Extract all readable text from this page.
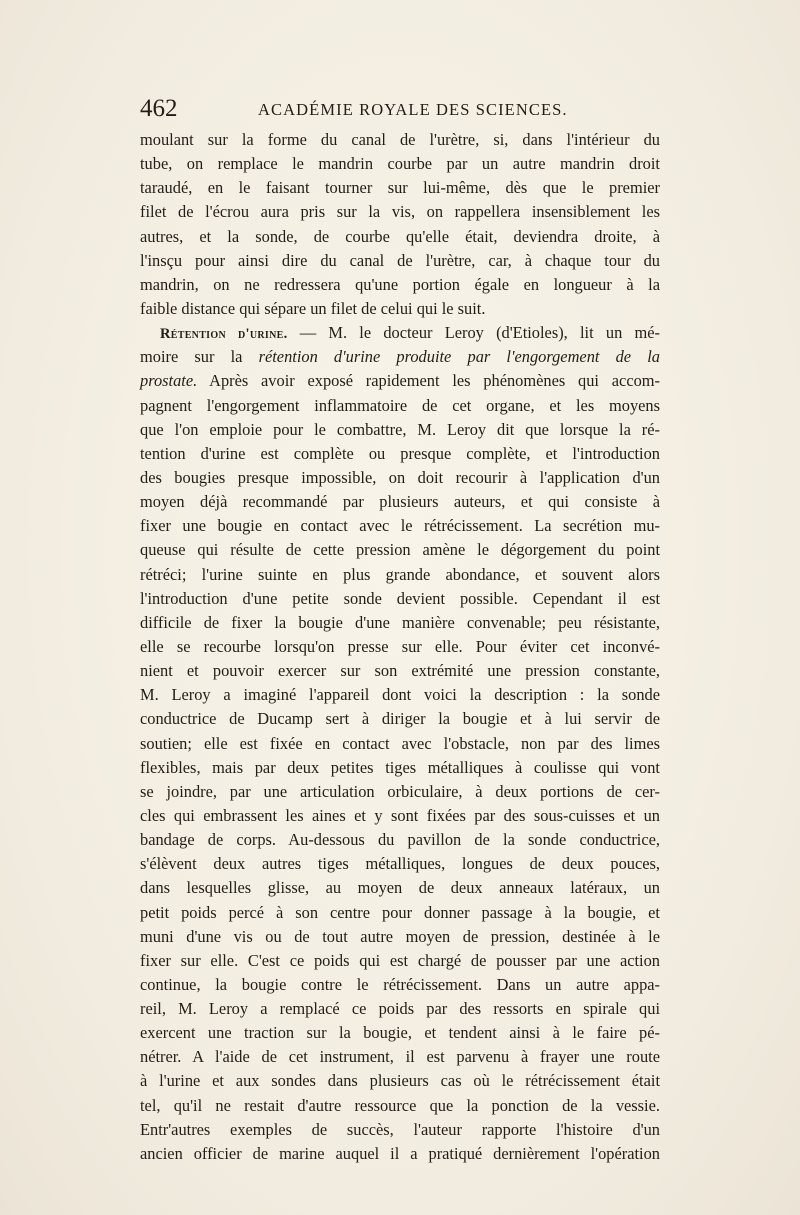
462	ACADÉMIE ROYALE DES SCIENCES.
moulant sur la forme du canal de l'urètre, si, dans l'intérieur du
tube, on remplace le mandrin courbe par un autre mandrin droit
taraudé, en le faisant tourner sur lui-même, dès que le premier
filet de l'écrou aura pris sur la vis, on rappellera insensiblement les
autres, et la sonde, de courbe qu'elle était, deviendra droite, à
l'insçu pour ainsi dire du canal de l'urètre, car, à chaque tour du
mandrin, on ne redressera qu'une portion égale en longueur à la
faible distance qui sépare un filet de celui qui le suit.
Rétention d'urine. — M. le docteur Leroy (d'Etioles), lit un mé-
moire sur la rétention d'urine produite par l'engorgement de la
prostate. Après avoir exposé rapidement les phénomènes qui accom-
pagnent l'engorgement inflammatoire de cet organe, et les moyens
que l'on emploie pour le combattre, M. Leroy dit que lorsque la ré-
tention d'urine est complète ou presque complète, et l'introduction
des bougies presque impossible, on doit recourir à l'application d'un
moyen déjà recommandé par plusieurs auteurs, et qui consiste à
fixer une bougie en contact avec le rétrécissement. La secrétion mu-
queuse qui résulte de cette pression amène le dégorgement du point
rétréci; l'urine suinte en plus grande abondance, et souvent alors
l'introduction d'une petite sonde devient possible. Cependant il est
difficile de fixer la bougie d'une manière convenable; peu résistante,
elle se recourbe lorsqu'on presse sur elle. Pour éviter cet inconvé-
nient et pouvoir exercer sur son extrémité une pression constante,
M. Leroy a imaginé l'appareil dont voici la description : la sonde
conductrice de Ducamp sert à diriger la bougie et à lui servir de
soutien; elle est fixée en contact avec l'obstacle, non par des limes
flexibles, mais par deux petites tiges métalliques à coulisse qui vont
se joindre, par une articulation orbiculaire, à deux portions de cer-
cles qui embrassent les aines et y sont fixées par des sous-cuisses et un
bandage de corps. Au-dessous du pavillon de la sonde conductrice,
s'élèvent deux autres tiges métalliques, longues de deux pouces,
dans lesquelles glisse, au moyen de deux anneaux latéraux, un
petit poids percé à son centre pour donner passage à la bougie, et
muni d'une vis ou de tout autre moyen de pression, destinée à le
fixer sur elle. C'est ce poids qui est chargé de pousser par une action
continue, la bougie contre le rétrécissement. Dans un autre appa-
reil, M. Leroy a remplacé ce poids par des ressorts en spirale qui
exercent une traction sur la bougie, et tendent ainsi à le faire pé-
nétrer. A l'aide de cet instrument, il est parvenu à frayer une route
à l'urine et aux sondes dans plusieurs cas où le rétrécissement était
tel, qu'il ne restait d'autre ressource que la ponction de la vessie.
Entr'autres exemples de succès, l'auteur rapporte l'histoire d'un
ancien officier de marine auquel il a pratiqué dernièrement l'opération
